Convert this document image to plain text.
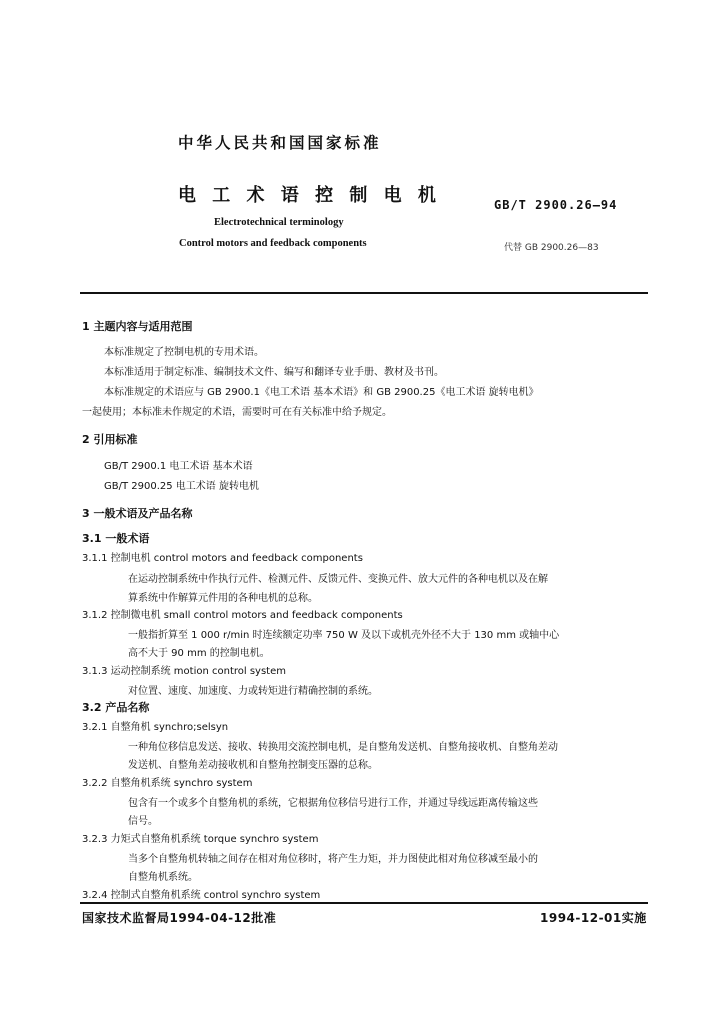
中华人民共和国国家标准
电 工 术 语 控 制 电 机	GB/T 2900.26—94
Electrotechnical terminology
Control motors and feedback components	代替 GB 2900.26—83
1 主题内容与适用范围
本标准规定了控制电机的专用术语。
本标准适用于制定标准、编制技术文件、编写和翻译专业手册、教材及书刊。
本标准规定的术语应与 GB 2900.1《电工术语 基本术语》和 GB 2900.25《电工术语 旋转电机》
一起使用；本标准未作规定的术语，需要时可在有关标准中给予规定。
2 引用标准
GB/T 2900.1 电工术语 基本术语
GB/T 2900.25 电工术语 旋转电机
3 一般术语及产品名称
3.1 一般术语
3.1.1 控制电机 control motors and feedback components
在运动控制系统中作执行元件、检测元件、反馈元件、变换元件、放大元件的各种电机以及在解
算系统中作解算元件用的各种电机的总称。
3.1.2 控制微电机 small control motors and feedback components
一般指折算至 1 000 r/min 时连续额定功率 750 W 及以下或机壳外径不大于 130 mm 或轴中心
高不大于 90 mm 的控制电机。
3.1.3 运动控制系统 motion control system
对位置、速度、加速度、力或转矩进行精确控制的系统。
3.2 产品名称
3.2.1 自整角机 synchro;selsyn
一种角位移信息发送、接收、转换用交流控制电机，是自整角发送机、自整角接收机、自整角差动
发送机、自整角差动接收机和自整角控制变压器的总称。
3.2.2 自整角机系统 synchro system
包含有一个或多个自整角机的系统，它根据角位移信号进行工作，并通过导线远距离传输这些
信号。
3.2.3 力矩式自整角机系统 torque synchro system
当多个自整角机转轴之间存在相对角位移时，将产生力矩，并力图使此相对角位移减至最小的
自整角机系统。
3.2.4 控制式自整角机系统 control synchro system
国家技术监督局1994-04-12批准	1994-12-01实施
